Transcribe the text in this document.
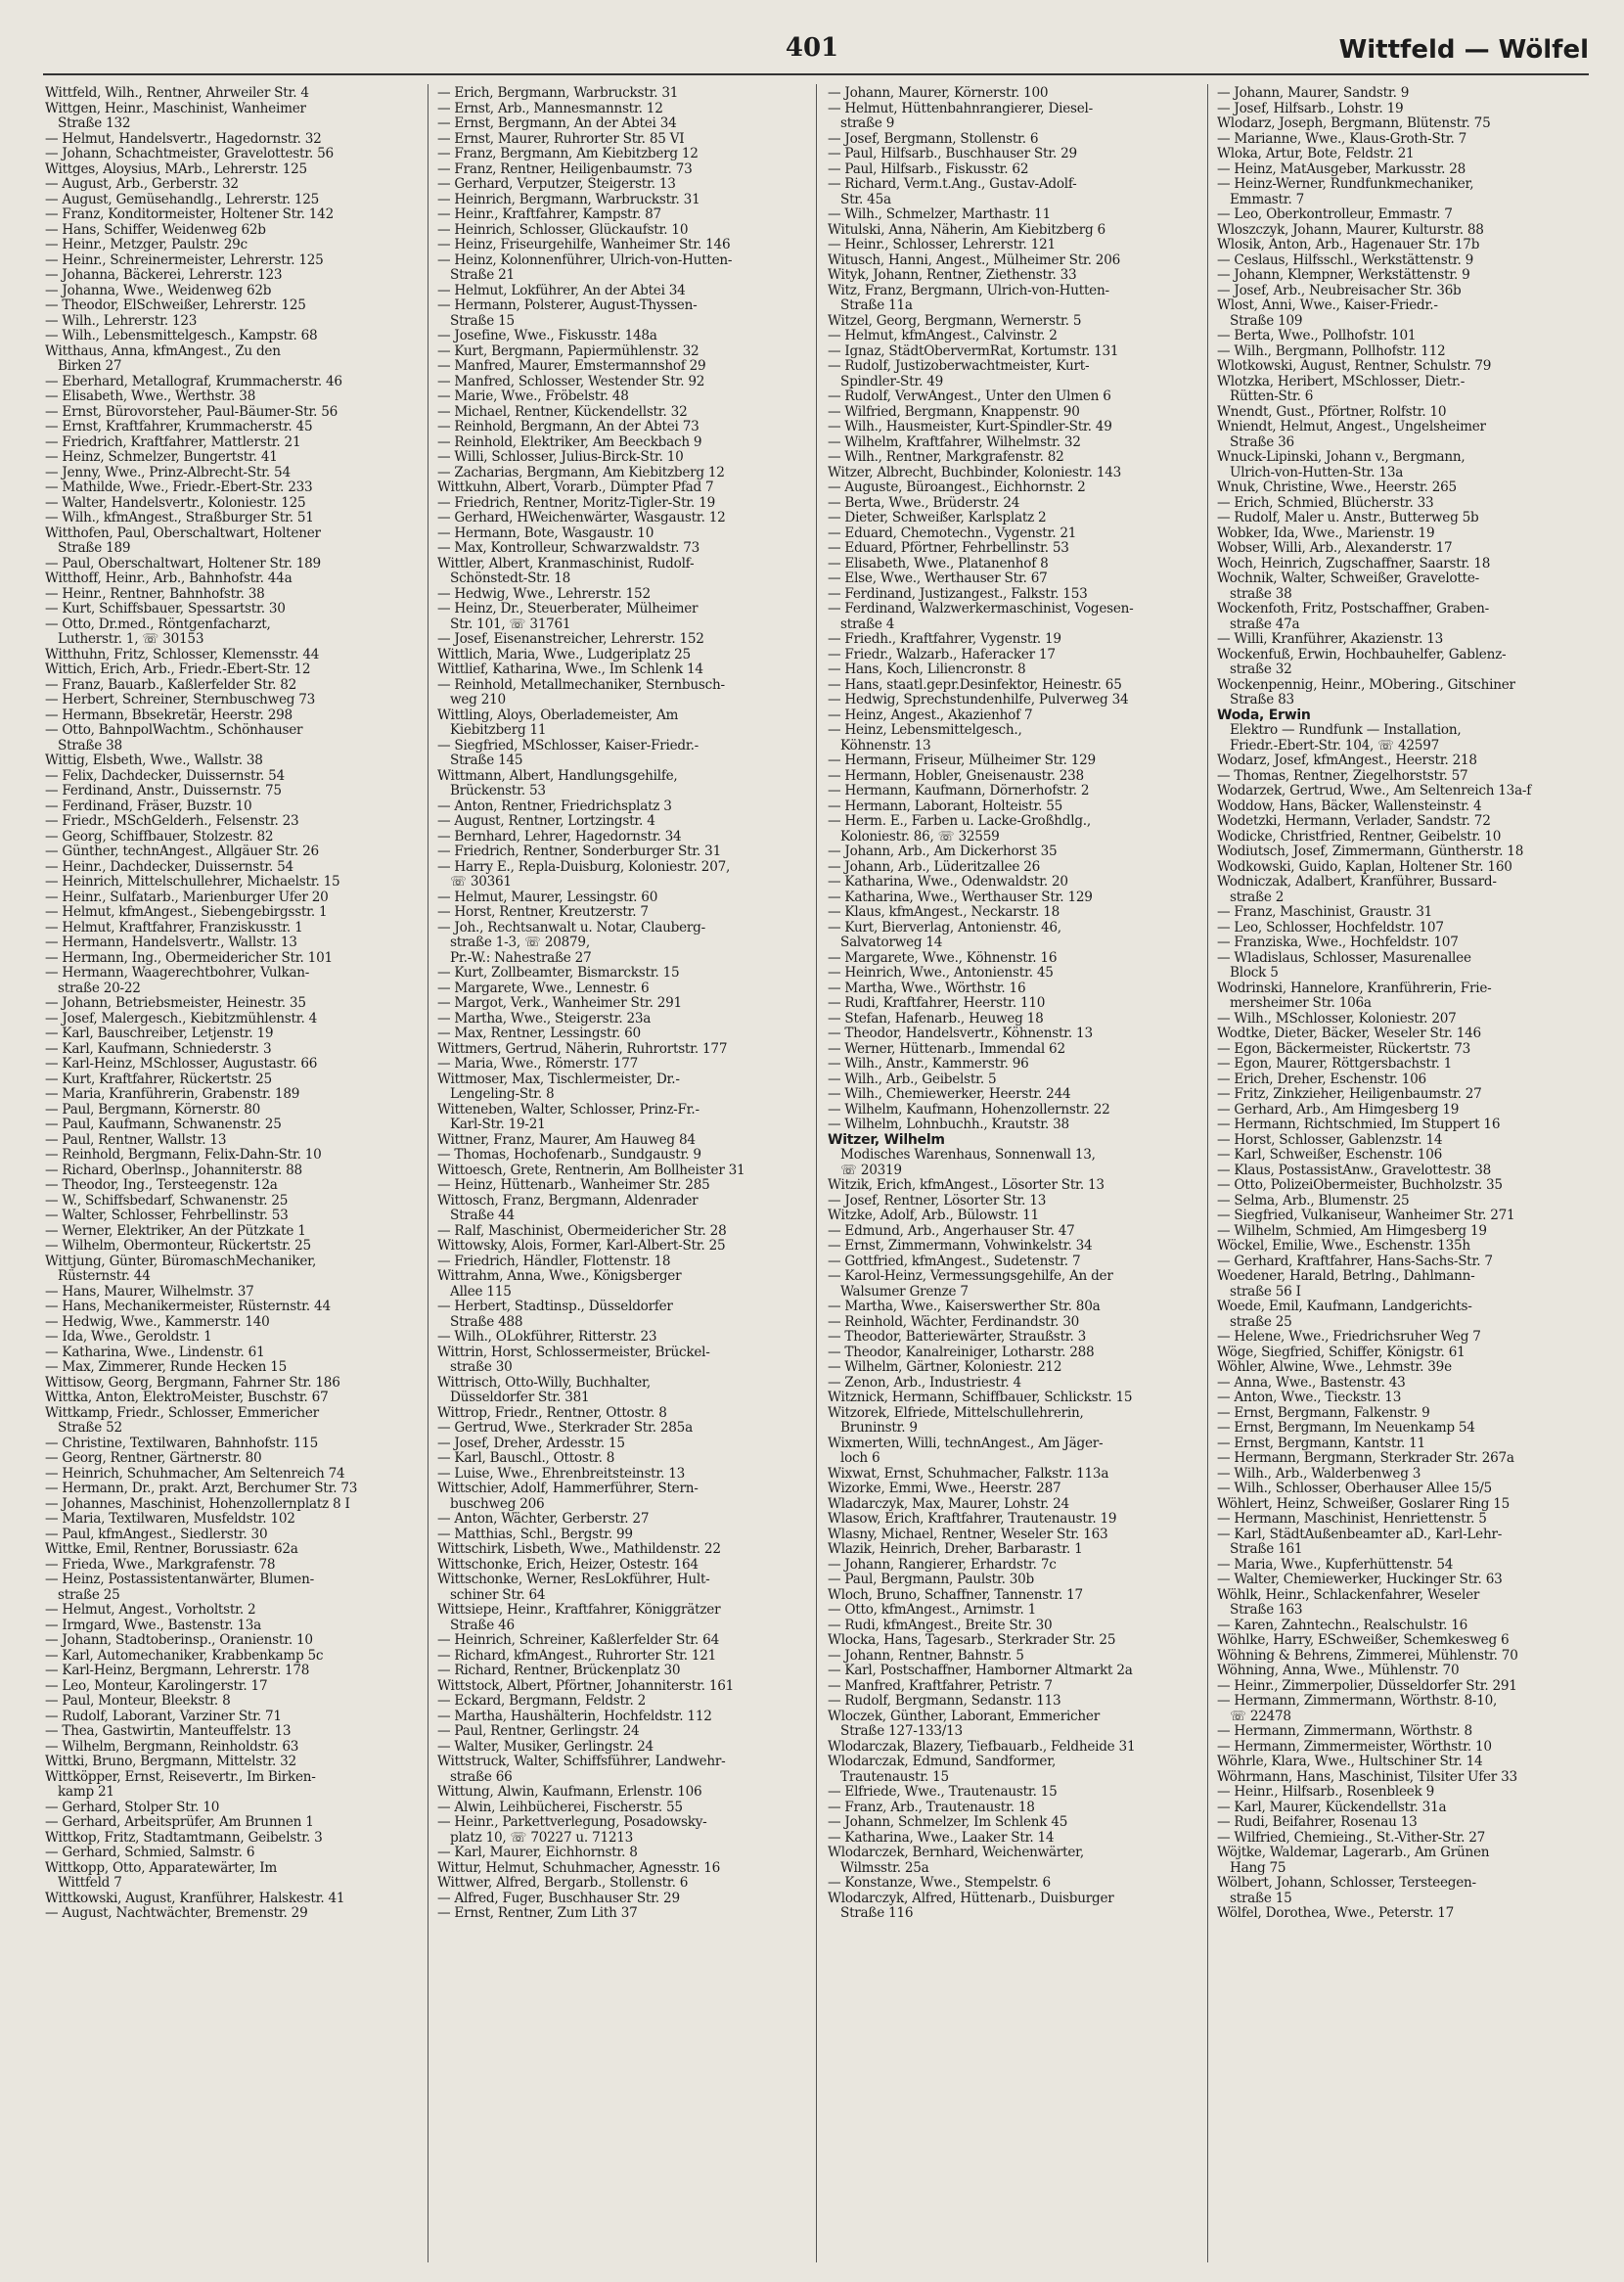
401	Wittfeld — Wölfel
Wittfeld, Wilh., Rentner, Ahrweiler Str. 4
Wittgen, Heinr., Maschinist, Wanheimer
Straße 132
— Helmut, Handelsvertr., Hagedornstr. 32
— Johann, Schachtmeister, Gravelottestr. 56
Wittges, Aloysius, MArb., Lehrerstr. 125
— August, Arb., Gerberstr. 32
— August, Gemüsehandlg., Lehrerstr. 125
— Franz, Konditormeister, Holtener Str. 142
— Hans, Schiffer, Weidenweg 62b
— Heinr., Metzger, Paulstr. 29c
— Heinr., Schreinermeister, Lehrerstr. 125
— Johanna, Bäckerei, Lehrerstr. 123
— Johanna, Wwe., Weidenweg 62b
— Theodor, ElSchweißer, Lehrerstr. 125
— Wilh., Lehrerstr. 123
— Wilh., Lebensmittelgesch., Kampstr. 68
Witthaus, Anna, kfmAngest., Zu den
Birken 27
— Eberhard, Metallograf, Krummacherstr. 46
— Elisabeth, Wwe., Werthstr. 38
— Ernst, Bürovorsteher, Paul-Bäumer-Str. 56
— Ernst, Kraftfahrer, Krummacherstr. 45
— Friedrich, Kraftfahrer, Mattlerstr. 21
— Heinz, Schmelzer, Bungertstr. 41
— Jenny, Wwe., Prinz-Albrecht-Str. 54
— Mathilde, Wwe., Friedr.-Ebert-Str. 233
— Walter, Handelsvertr., Koloniestr. 125
— Wilh., kfmAngest., Straßburger Str. 51
Witthofen, Paul, Oberschaltwart, Holtener
Straße 189
— Paul, Oberschaltwart, Holtener Str. 189
Witthoff, Heinr., Arb., Bahnhofstr. 44a
— Heinr., Rentner, Bahnhofstr. 38
— Kurt, Schiffsbauer, Spessartstr. 30
— Otto, Dr.med., Röntgenfacharzt,
Lutherstr. 1, ☏ 30153
Witthuhn, Fritz, Schlosser, Klemensstr. 44
Wittich, Erich, Arb., Friedr.-Ebert-Str. 12
— Franz, Bauarb., Kaßlerfelder Str. 82
— Herbert, Schreiner, Sternbuschweg 73
— Hermann, Bbsekretär, Heerstr. 298
— Otto, BahnpolWachtm., Schönhauser
Straße 38
Wittig, Elsbeth, Wwe., Wallstr. 38
— Felix, Dachdecker, Duissernstr. 54
— Ferdinand, Anstr., Duissernstr. 75
— Ferdinand, Fräser, Buzstr. 10
— Friedr., MSchGelderh., Felsenstr. 23
— Georg, Schiffbauer, Stolzestr. 82
— Günther, technAngest., Allgäuer Str. 26
— Heinr., Dachdecker, Duissernstr. 54
— Heinrich, Mittelschullehrer, Michaelstr. 15
— Heinr., Sulfatarb., Marienburger Ufer 20
— Helmut, kfmAngest., Siebengebirgsstr. 1
— Helmut, Kraftfahrer, Franziskusstr. 1
— Hermann, Handelsvertr., Wallstr. 13
— Hermann, Ing., Obermeidericher Str. 101
— Hermann, Waagerechtbohrer, Vulkan-
straße 20-22
— Johann, Betriebsmeister, Heinestr. 35
— Josef, Malergesch., Kiebitzmühlenstr. 4
— Karl, Bauschreiber, Letjenstr. 19
— Karl, Kaufmann, Schniederstr. 3
— Karl-Heinz, MSchlosser, Augustastr. 66
— Kurt, Kraftfahrer, Rückertstr. 25
— Maria, Kranführerin, Grabenstr. 189
— Paul, Bergmann, Körnerstr. 80
— Paul, Kaufmann, Schwanenstr. 25
— Paul, Rentner, Wallstr. 13
— Reinhold, Bergmann, Felix-Dahn-Str. 10
— Richard, Oberlnsp., Johanniterstr. 88
— Theodor, Ing., Tersteegenstr. 12a
— W., Schiffsbedarf, Schwanenstr. 25
— Walter, Schlosser, Fehrbellinstr. 53
— Werner, Elektriker, An der Pützkate 1
— Wilhelm, Obermonteur, Rückertstr. 25
Wittjung, Günter, BüromaschMechaniker,
Rüsternstr. 44
— Hans, Maurer, Wilhelmstr. 37
— Hans, Mechanikermeister, Rüsternstr. 44
— Hedwig, Wwe., Kammerstr. 140
— Ida, Wwe., Geroldstr. 1
— Katharina, Wwe., Lindenstr. 61
— Max, Zimmerer, Runde Hecken 15
Wittisow, Georg, Bergmann, Fahrner Str. 186
Wittka, Anton, ElektroMeister, Buschstr. 67
Wittkamp, Friedr., Schlosser, Emmericher
Straße 52
— Christine, Textilwaren, Bahnhofstr. 115
— Georg, Rentner, Gärtnerstr. 80
— Heinrich, Schuhmacher, Am Seltenreich 74
— Hermann, Dr., prakt. Arzt, Berchumer Str. 73
— Johannes, Maschinist, Hohenzollernplatz 8 I
— Maria, Textilwaren, Musfeldstr. 102
— Paul, kfmAngest., Siedlerstr. 30
Wittke, Emil, Rentner, Borussiastr. 62a
— Frieda, Wwe., Markgrafenstr. 78
— Heinz, Postassistentanwärter, Blumen-
straße 25
— Helmut, Angest., Vorholtstr. 2
— Irmgard, Wwe., Bastenstr. 13a
— Johann, Stadtoberinsp., Oranienstr. 10
— Karl, Automechaniker, Krabbenkamp 5c
— Karl-Heinz, Bergmann, Lehrerstr. 178
— Leo, Monteur, Karolingerstr. 17
— Paul, Monteur, Bleekstr. 8
— Rudolf, Laborant, Varziner Str. 71
— Thea, Gastwirtin, Manteuffelstr. 13
— Wilhelm, Bergmann, Reinholdstr. 63
Wittki, Bruno, Bergmann, Mittelstr. 32
Wittköpper, Ernst, Reisevertr., Im Birken-
kamp 21
— Gerhard, Stolper Str. 10
— Gerhard, Arbeitsprüfer, Am Brunnen 1
Wittkop, Fritz, Stadtamtmann, Geibelstr. 3
— Gerhard, Schmied, Salmstr. 6
Wittkopp, Otto, Apparatewärter, Im
Wittfeld 7
Wittkowski, August, Kranführer, Halskestr. 41
— August, Nachtwächter, Bremenstr. 29
— Erich, Bergmann, Warbruckstr. 31
— Ernst, Arb., Mannesmannstr. 12
— Ernst, Bergmann, An der Abtei 34
— Ernst, Maurer, Ruhrorter Str. 85 VI
— Franz, Bergmann, Am Kiebitzberg 12
— Franz, Rentner, Heiligenbaumstr. 73
— Gerhard, Verputzer, Steigerstr. 13
— Heinrich, Bergmann, Warbruckstr. 31
— Heinr., Kraftfahrer, Kampstr. 87
— Heinrich, Schlosser, Glückaufstr. 10
— Heinz, Friseurgehilfe, Wanheimer Str. 146
— Heinz, Kolonnenführer, Ulrich-von-Hutten-
Straße 21
— Helmut, Lokführer, An der Abtei 34
— Hermann, Polsterer, August-Thyssen-
Straße 15
— Josefine, Wwe., Fiskusstr. 148a
— Kurt, Bergmann, Papiermühlenstr. 32
— Manfred, Maurer, Emstermannshof 29
— Manfred, Schlosser, Westender Str. 92
— Marie, Wwe., Fröbelstr. 48
— Michael, Rentner, Kückendellstr. 32
— Reinhold, Bergmann, An der Abtei 73
— Reinhold, Elektriker, Am Beeckbach 9
— Willi, Schlosser, Julius-Birck-Str. 10
— Zacharias, Bergmann, Am Kiebitzberg 12
Wittkuhn, Albert, Vorarb., Dümpter Pfad 7
— Friedrich, Rentner, Moritz-Tigler-Str. 19
— Gerhard, HWeichenwärter, Wasgaustr. 12
— Hermann, Bote, Wasgaustr. 10
— Max, Kontrolleur, Schwarzwaldstr. 73
Wittler, Albert, Kranmaschinist, Rudolf-
Schönstedt-Str. 18
— Hedwig, Wwe., Lehrerstr. 152
— Heinz, Dr., Steuerberater, Mülheimer
Str. 101, ☏ 31761
— Josef, Eisenanstreicher, Lehrerstr. 152
Wittlich, Maria, Wwe., Ludgeriplatz 25
Wittlief, Katharina, Wwe., Im Schlenk 14
— Reinhold, Metallmechaniker, Sternbusch-
weg 210
Wittling, Aloys, Oberlademeister, Am
Kiebitzberg 11
— Siegfried, MSchlosser, Kaiser-Friedr.-
Straße 145
Wittmann, Albert, Handlungsgehilfe,
Brückenstr. 53
— Anton, Rentner, Friedrichsplatz 3
— August, Rentner, Lortzingstr. 4
— Bernhard, Lehrer, Hagedornstr. 34
— Friedrich, Rentner, Sonderburger Str. 31
— Harry E., Repla-Duisburg, Koloniestr. 207,
☏ 30361
— Helmut, Maurer, Lessingstr. 60
— Horst, Rentner, Kreutzerstr. 7
— Joh., Rechtsanwalt u. Notar, Clauberg-
straße 1-3, ☏ 20879,
Pr.-W.: Nahestraße 27
— Kurt, Zollbeamter, Bismarckstr. 15
— Margarete, Wwe., Lennestr. 6
— Margot, Verk., Wanheimer Str. 291
— Martha, Wwe., Steigerstr. 23a
— Max, Rentner, Lessingstr. 60
Wittmers, Gertrud, Näherin, Ruhrortstr. 177
— Maria, Wwe., Römerstr. 177
Wittmoser, Max, Tischlermeister, Dr.-
Lengeling-Str. 8
Witteneben, Walter, Schlosser, Prinz-Fr.-
Karl-Str. 19-21
Wittner, Franz, Maurer, Am Hauweg 84
— Thomas, Hochofenarb., Sundgaustr. 9
Wittoesch, Grete, Rentnerin, Am Bollheister 31
— Heinz, Hüttenarb., Wanheimer Str. 285
Wittosch, Franz, Bergmann, Aldenrader
Straße 44
— Ralf, Maschinist, Obermeidericher Str. 28
Wittowsky, Alois, Former, Karl-Albert-Str. 25
— Friedrich, Händler, Flottenstr. 18
Wittrahm, Anna, Wwe., Königsberger
Allee 115
— Herbert, Stadtinsp., Düsseldorfer
Straße 488
— Wilh., OLokführer, Ritterstr. 23
Wittrin, Horst, Schlossermeister, Brückel-
straße 30
Wittrisch, Otto-Willy, Buchhalter,
Düsseldorfer Str. 381
Wittrop, Friedr., Rentner, Ottostr. 8
— Gertrud, Wwe., Sterkrader Str. 285a
— Josef, Dreher, Ardesstr. 15
— Karl, Bauschl., Ottostr. 8
— Luise, Wwe., Ehrenbreitsteinstr. 13
Wittschier, Adolf, Hammerführer, Stern-
buschweg 206
— Anton, Wächter, Gerberstr. 27
— Matthias, Schl., Bergstr. 99
Wittschirk, Lisbeth, Wwe., Mathildenstr. 22
Wittschonke, Erich, Heizer, Ostestr. 164
Wittschonke, Werner, ResLokführer, Hult-
schiner Str. 64
Wittsiepe, Heinr., Kraftfahrer, Königgrätzer
Straße 46
— Heinrich, Schreiner, Kaßlerfelder Str. 64
— Richard, kfmAngest., Ruhrorter Str. 121
— Richard, Rentner, Brückenplatz 30
Wittstock, Albert, Pförtner, Johanniterstr. 161
— Eckard, Bergmann, Feldstr. 2
— Martha, Haushälterin, Hochfeldstr. 112
— Paul, Rentner, Gerlingstr. 24
— Walter, Musiker, Gerlingstr. 24
Wittstruck, Walter, Schiffsführer, Landwehr-
straße 66
Wittung, Alwin, Kaufmann, Erlenstr. 106
— Alwin, Leihbücherei, Fischerstr. 55
— Heinr., Parkettverlegung, Posadowsky-
platz 10, ☏ 70227 u. 71213
— Karl, Maurer, Eichhornstr. 8
Wittur, Helmut, Schuhmacher, Agnesstr. 16
Wittwer, Alfred, Bergarb., Stollenstr. 6
— Alfred, Fuger, Buschhauser Str. 29
— Ernst, Rentner, Zum Lith 37
— Johann, Maurer, Körnerstr. 100
— Helmut, Hüttenbahnrangierer, Diesel-
straße 9
— Josef, Bergmann, Stollenstr. 6
— Paul, Hilfsarb., Buschhauser Str. 29
— Paul, Hilfsarb., Fiskusstr. 62
— Richard, Verm.t.Ang., Gustav-Adolf-
Str. 45a
— Wilh., Schmelzer, Marthastr. 11
Witulski, Anna, Näherin, Am Kiebitzberg 6
— Heinr., Schlosser, Lehrerstr. 121
Witusch, Hanni, Angest., Mülheimer Str. 206
Wityk, Johann, Rentner, Ziethenstr. 33
Witz, Franz, Bergmann, Ulrich-von-Hutten-
Straße 11a
Witzel, Georg, Bergmann, Wernerstr. 5
— Helmut, kfmAngest., Calvinstr. 2
— Ignaz, StädtObervermRat, Kortumstr. 131
— Rudolf, Justizoberwachtmeister, Kurt-
Spindler-Str. 49
— Rudolf, VerwAngest., Unter den Ulmen 6
— Wilfried, Bergmann, Knappenstr. 90
— Wilh., Hausmeister, Kurt-Spindler-Str. 49
— Wilhelm, Kraftfahrer, Wilhelmstr. 32
— Wilh., Rentner, Markgrafenstr. 82
Witzer, Albrecht, Buchbinder, Koloniestr. 143
— Auguste, Büroangest., Eichhornstr. 2
— Berta, Wwe., Brüderstr. 24
— Dieter, Schweißer, Karlsplatz 2
— Eduard, Chemotechn., Vygenstr. 21
— Eduard, Pförtner, Fehrbellinstr. 53
— Elisabeth, Wwe., Platanenhof 8
— Else, Wwe., Werthauser Str. 67
— Ferdinand, Justizangest., Falkstr. 153
— Ferdinand, Walzwerkermaschinist, Vogesen-
straße 4
— Friedh., Kraftfahrer, Vygenstr. 19
— Friedr., Walzarb., Haferacker 17
— Hans, Koch, Liliencronstr. 8
— Hans, staatl.gepr.Desinfektor, Heinestr. 65
— Hedwig, Sprechstundenhilfe, Pulverweg 34
— Heinz, Angest., Akazienhof 7
— Heinz, Lebensmittelgesch.,
Köhnenstr. 13
— Hermann, Friseur, Mülheimer Str. 129
— Hermann, Hobler, Gneisenaustr. 238
— Hermann, Kaufmann, Dörnerhofstr. 2
— Hermann, Laborant, Holteistr. 55
— Herm. E., Farben u. Lacke-Großhdlg.,
Koloniestr. 86, ☏ 32559
— Johann, Arb., Am Dickerhorst 35
— Johann, Arb., Lüderitzallee 26
— Katharina, Wwe., Odenwaldstr. 20
— Katharina, Wwe., Werthauser Str. 129
— Klaus, kfmAngest., Neckarstr. 18
— Kurt, Bierverlag, Antonienstr. 46,
Salvatorweg 14
— Margarete, Wwe., Köhnenstr. 16
— Heinrich, Wwe., Antonienstr. 45
— Martha, Wwe., Wörthstr. 16
— Rudi, Kraftfahrer, Heerstr. 110
— Stefan, Hafenarb., Heuweg 18
— Theodor, Handelsvertr., Köhnenstr. 13
— Werner, Hüttenarb., Immendal 62
— Wilh., Anstr., Kammerstr. 96
— Wilh., Arb., Geibelstr. 5
— Wilh., Chemiewerker, Heerstr. 244
— Wilhelm, Kaufmann, Hohenzollernstr. 22
— Wilhelm, Lohnbuchh., Krautstr. 38
Witzer, Wilhelm
Modisches Warenhaus, Sonnenwall 13,
☏ 20319
Witzik, Erich, kfmAngest., Lösorter Str. 13
— Josef, Rentner, Lösorter Str. 13
Witzke, Adolf, Arb., Bülowstr. 11
— Edmund, Arb., Angerhauser Str. 47
— Ernst, Zimmermann, Vohwinkelstr. 34
— Gottfried, kfmAngest., Sudetenstr. 7
— Karol-Heinz, Vermessungsgehilfe, An der
Walsumer Grenze 7
— Martha, Wwe., Kaiserswerther Str. 80a
— Reinhold, Wächter, Ferdinandstr. 30
— Theodor, Batteriewärter, Straußstr. 3
— Theodor, Kanalreiniger, Lotharstr. 288
— Wilhelm, Gärtner, Koloniestr. 212
— Zenon, Arb., Industriestr. 4
Witznick, Hermann, Schiffbauer, Schlickstr. 15
Witzorek, Elfriede, Mittelschullehrerin,
Bruninstr. 9
Wixmerten, Willi, technAngest., Am Jäger-
loch 6
Wixwat, Ernst, Schuhmacher, Falkstr. 113a
Wizorke, Emmi, Wwe., Heerstr. 287
Wladarczyk, Max, Maurer, Lohstr. 24
Wlasow, Erich, Kraftfahrer, Trautenaustr. 19
Wlasny, Michael, Rentner, Weseler Str. 163
Wlazik, Heinrich, Dreher, Barbarastr. 1
— Johann, Rangierer, Erhardstr. 7c
— Paul, Bergmann, Paulstr. 30b
Wloch, Bruno, Schaffner, Tannenstr. 17
— Otto, kfmAngest., Arnimstr. 1
— Rudi, kfmAngest., Breite Str. 30
Wlocka, Hans, Tagesarb., Sterkrader Str. 25
— Johann, Rentner, Bahnstr. 5
— Karl, Postschaffner, Hamborner Altmarkt 2a
— Manfred, Kraftfahrer, Petristr. 7
— Rudolf, Bergmann, Sedanstr. 113
Wloczek, Günther, Laborant, Emmericher
Straße 127-133/13
Wlodarczak, Blazery, Tiefbauarb., Feldheide 31
Wlodarczak, Edmund, Sandformer,
Trautenaustr. 15
— Elfriede, Wwe., Trautenaustr. 15
— Franz, Arb., Trautenaustr. 18
— Johann, Schmelzer, Im Schlenk 45
— Katharina, Wwe., Laaker Str. 14
Wlodarczek, Bernhard, Weichenwärter,
Wilmsstr. 25a
— Konstanze, Wwe., Stempelstr. 6
Wlodarczyk, Alfred, Hüttenarb., Duisburger
Straße 116
— Johann, Maurer, Sandstr. 9
— Josef, Hilfsarb., Lohstr. 19
Wlodarz, Joseph, Bergmann, Blütenstr. 75
— Marianne, Wwe., Klaus-Groth-Str. 7
Wloka, Artur, Bote, Feldstr. 21
— Heinz, MatAusgeber, Markusstr. 28
— Heinz-Werner, Rundfunkmechaniker,
Emmastr. 7
— Leo, Oberkontrolleur, Emmastr. 7
Wloszczyk, Johann, Maurer, Kulturstr. 88
Wlosik, Anton, Arb., Hagenauer Str. 17b
— Ceslaus, Hilfsschl., Werkstättenstr. 9
— Johann, Klempner, Werkstättenstr. 9
— Josef, Arb., Neubreisacher Str. 36b
Wlost, Anni, Wwe., Kaiser-Friedr.-
Straße 109
— Berta, Wwe., Pollhofstr. 101
— Wilh., Bergmann, Pollhofstr. 112
Wlotkowski, August, Rentner, Schulstr. 79
Wlotzka, Heribert, MSchlosser, Dietr.-
Rütten-Str. 6
Wnendt, Gust., Pförtner, Rolfstr. 10
Wniendt, Helmut, Angest., Ungelsheimer
Straße 36
Wnuck-Lipinski, Johann v., Bergmann,
Ulrich-von-Hutten-Str. 13a
Wnuk, Christine, Wwe., Heerstr. 265
— Erich, Schmied, Blücherstr. 33
— Rudolf, Maler u. Anstr., Butterweg 5b
Wobker, Ida, Wwe., Marienstr. 19
Wobser, Willi, Arb., Alexanderstr. 17
Woch, Heinrich, Zugschaffner, Saarstr. 18
Wochnik, Walter, Schweißer, Gravelotte-
straße 38
Wockenfoth, Fritz, Postschaffner, Graben-
straße 47a
— Willi, Kranführer, Akazienstr. 13
Wockenfuß, Erwin, Hochbauhelfer, Gablenz-
straße 32
Wockenpennig, Heinr., MObering., Gitschiner
Straße 83
Woda, Erwin
Elektro — Rundfunk — Installation,
Friedr.-Ebert-Str. 104, ☏ 42597
Wodarz, Josef, kfmAngest., Heerstr. 218
— Thomas, Rentner, Ziegelhorststr. 57
Wodarzek, Gertrud, Wwe., Am Seltenreich 13a-f
Woddow, Hans, Bäcker, Wallensteinstr. 4
Wodetzki, Hermann, Verlader, Sandstr. 72
Wodicke, Christfried, Rentner, Geibelstr. 10
Wodiutsch, Josef, Zimmermann, Güntherstr. 18
Wodkowski, Guido, Kaplan, Holtener Str. 160
Wodniczak, Adalbert, Kranführer, Bussard-
straße 2
— Franz, Maschinist, Graustr. 31
— Leo, Schlosser, Hochfeldstr. 107
— Franziska, Wwe., Hochfeldstr. 107
— Wladislaus, Schlosser, Masurenallee
Block 5
Wodrinski, Hannelore, Kranführerin, Frie-
mersheimer Str. 106a
— Wilh., MSchlosser, Koloniestr. 207
Wodtke, Dieter, Bäcker, Weseler Str. 146
— Egon, Bäckermeister, Rückertstr. 73
— Egon, Maurer, Röttgersbachstr. 1
— Erich, Dreher, Eschenstr. 106
— Fritz, Zinkzieher, Heiligenbaumstr. 27
— Gerhard, Arb., Am Himgesberg 19
— Hermann, Richtschmied, Im Stuppert 16
— Horst, Schlosser, Gablenzstr. 14
— Karl, Schweißer, Eschenstr. 106
— Klaus, PostassistAnw., Gravelottestr. 38
— Otto, PolizeiObermeister, Buchholzstr. 35
— Selma, Arb., Blumenstr. 25
— Siegfried, Vulkaniseur, Wanheimer Str. 271
— Wilhelm, Schmied, Am Himgesberg 19
Wöckel, Emilie, Wwe., Eschenstr. 135h
— Gerhard, Kraftfahrer, Hans-Sachs-Str. 7
Woedener, Harald, Betrlng., Dahlmann-
straße 56 I
Woede, Emil, Kaufmann, Landgerichts-
straße 25
— Helene, Wwe., Friedrichsruher Weg 7
Wöge, Siegfried, Schiffer, Königstr. 61
Wöhler, Alwine, Wwe., Lehmstr. 39e
— Anna, Wwe., Bastenstr. 43
— Anton, Wwe., Tieckstr. 13
— Ernst, Bergmann, Falkenstr. 9
— Ernst, Bergmann, Im Neuenkamp 54
— Ernst, Bergmann, Kantstr. 11
— Hermann, Bergmann, Sterkrader Str. 267a
— Wilh., Arb., Walderbenweg 3
— Wilh., Schlosser, Oberhauser Allee 15/5
Wöhlert, Heinz, Schweißer, Goslarer Ring 15
— Hermann, Maschinist, Henriettenstr. 5
— Karl, StädtAußenbeamter aD., Karl-Lehr-
Straße 161
— Maria, Wwe., Kupferhüttenstr. 54
— Walter, Chemiewerker, Huckinger Str. 63
Wöhlk, Heinr., Schlackenfahrer, Weseler
Straße 163
— Karen, Zahntechn., Realschulstr. 16
Wöhlke, Harry, ESchweißer, Schemkesweg 6
Wöhning & Behrens, Zimmerei, Mühlenstr. 70
Wöhning, Anna, Wwe., Mühlenstr. 70
— Heinr., Zimmerpolier, Düsseldorfer Str. 291
— Hermann, Zimmermann, Wörthstr. 8-10,
☏ 22478
— Hermann, Zimmermann, Wörthstr. 8
— Hermann, Zimmermeister, Wörthstr. 10
Wöhrle, Klara, Wwe., Hultschiner Str. 14
Wöhrmann, Hans, Maschinist, Tilsiter Ufer 33
— Heinr., Hilfsarb., Rosenbleek 9
— Karl, Maurer, Kückendellstr. 31a
— Rudi, Beifahrer, Rosenau 13
— Wilfried, Chemieing., St.-Vither-Str. 27
Wöjtke, Waldemar, Lagerarb., Am Grünen
Hang 75
Wölbert, Johann, Schlosser, Tersteegen-
straße 15
Wölfel, Dorothea, Wwe., Peterstr. 17
